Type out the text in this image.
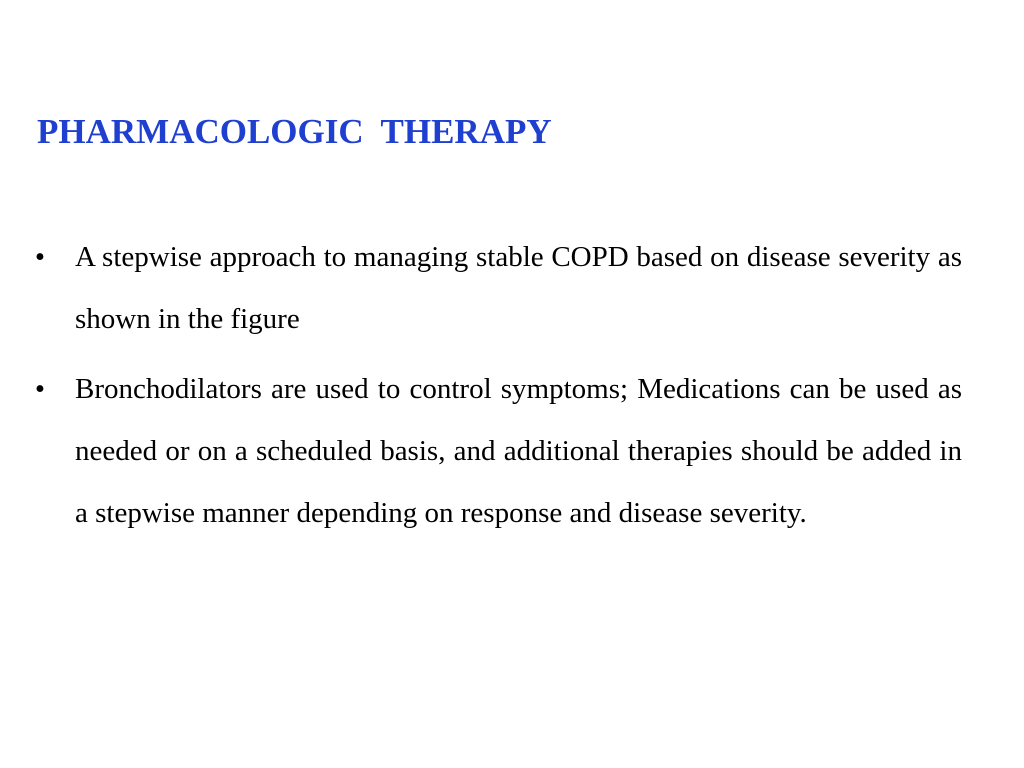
PHARMACOLOGIC  THERAPY
• A stepwise approach to managing stable COPD based on disease severity as shown in the figure
• Bronchodilators are used to control symptoms; Medications can be used as needed or on a scheduled basis, and additional therapies should be added in a stepwise manner depending on response and disease severity.
